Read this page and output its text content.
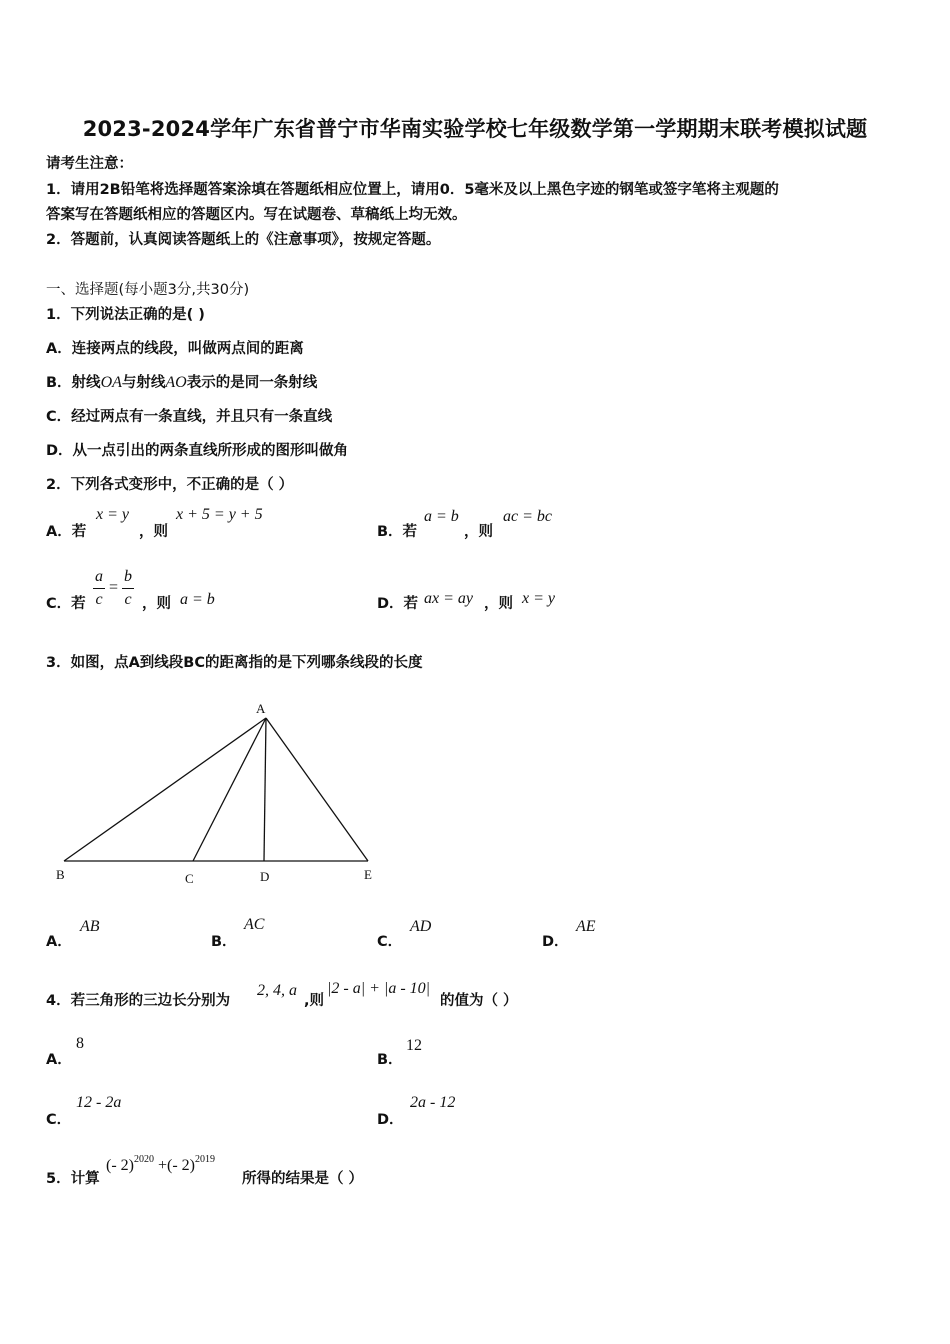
2023-2024学年广东省普宁市华南实验学校七年级数学第一学期期末联考模拟试题
请考生注意：
1．请用2B铅笔将选择题答案涂填在答题纸相应位置上，请用0．5毫米及以上黑色字迹的钢笔或签字笔将主观题的
答案写在答题纸相应的答题区内。写在试题卷、草稿纸上均无效。
2．答题前，认真阅读答题纸上的《注意事项》，按规定答题。
一、选择题(每小题3分,共30分)
1．下列说法正确的是( )
A．连接两点的线段，叫做两点间的距离
B．射线OA与射线AO表示的是同一条射线
C．经过两点有一条直线，并且只有一条直线
D．从一点引出的两条直线所形成的图形叫做角
2．下列各式变形中，不正确的是（ ）
A．若
x = y
，则
x + 5 = y + 5
B．若
a = b
，则
ac = bc
C．若 $\frac{a}{c} = \frac{b}{c}$ ，则 a = b	D．若 ax = ay ，则 x = y
3．如图，点A到线段BC的距离指的是下列哪条线段的长度
A
B	C	D	E
A．
AB
B．
AC
C．
AD
D．
AE
4．若三角形的三边长分别为
2, 4, a
,则
|2 - a| + |a - 10|
的值为（ ）
A．
8
B．
12
C．
12 - 2a
D．
2a - 12
5．计算
(- 2)$^{2020}$ +(- 2)$^{2019}$
所得的结果是（ ）
